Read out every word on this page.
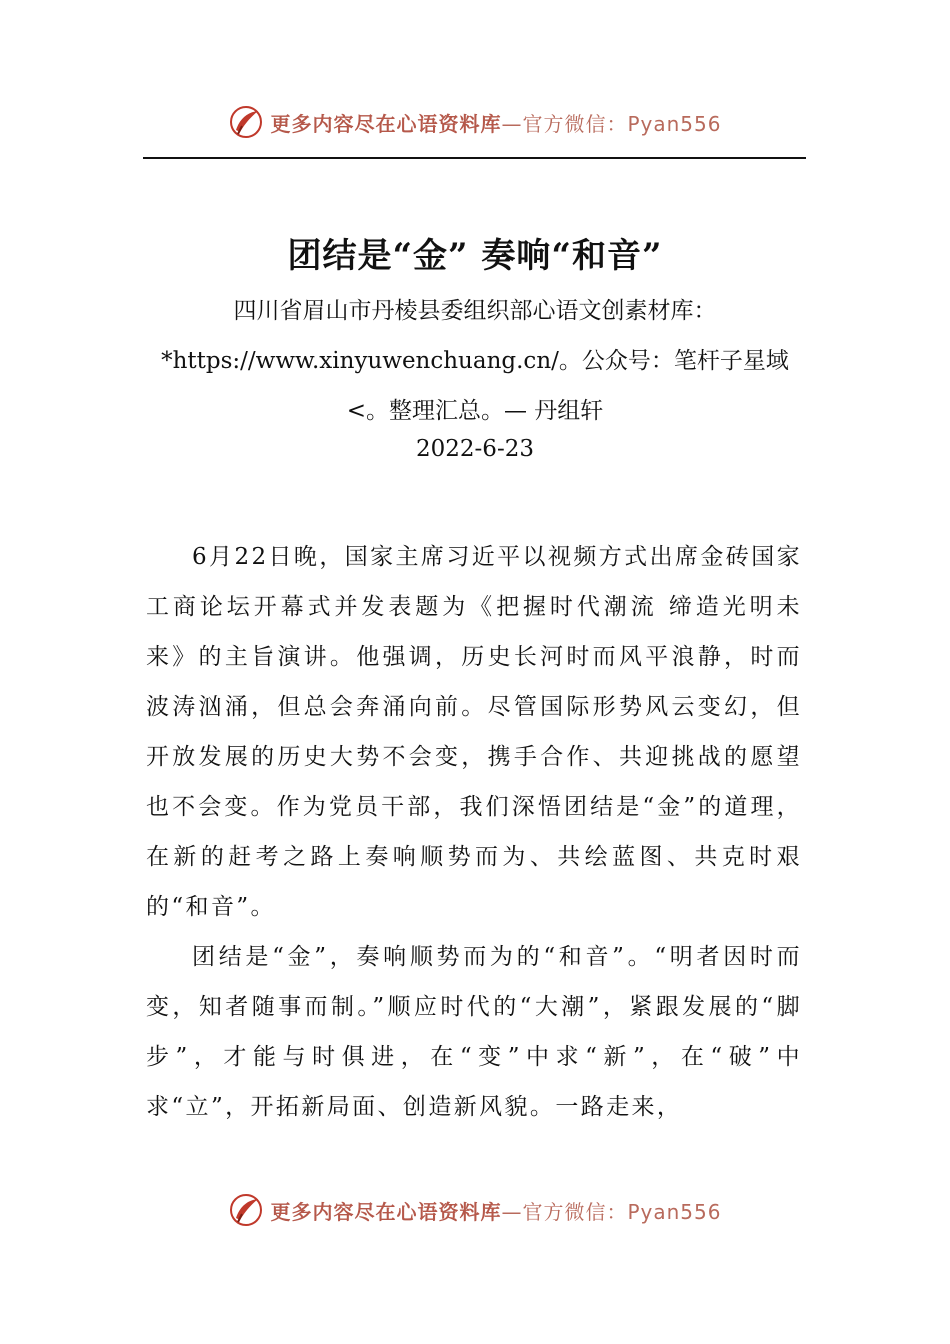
更多内容尽在心语资料库—官方微信：Pyan556
团结是“金” 奏响“和音”
四川省眉山市丹棱县委组织部心语文创素材库：*https://www.xinyuwenchuang.cn/。公众号：笔杆子星域<。整理汇总。— 丹组轩
2022-6-23

6月22日晚，国家主席习近平以视频方式出席金砖国家工商论坛开幕式并发表题为《把握时代潮流 缔造光明未来》的主旨演讲。他强调，历史长河时而风平浪静，时而波涛汹涌，但总会奔涌向前。尽管国际形势风云变幻，但开放发展的历史大势不会变，携手合作、共迎挑战的愿望也不会变。作为党员干部，我们深悟团结是“金”的道理，在新的赶考之路上奏响顺势而为、共绘蓝图、共克时艰的“和音”。

团结是“金”，奏响顺势而为的“和音”。“明者因时而变，知者随事而制。”顺应时代的“大潮”，紧跟发展的“脚步”，才能与时俱进，在“变”中求“新”，在“破”中求“立”，开拓新局面、创造新风貌。一路走来，

更多内容尽在心语资料库—官方微信：Pyan556
